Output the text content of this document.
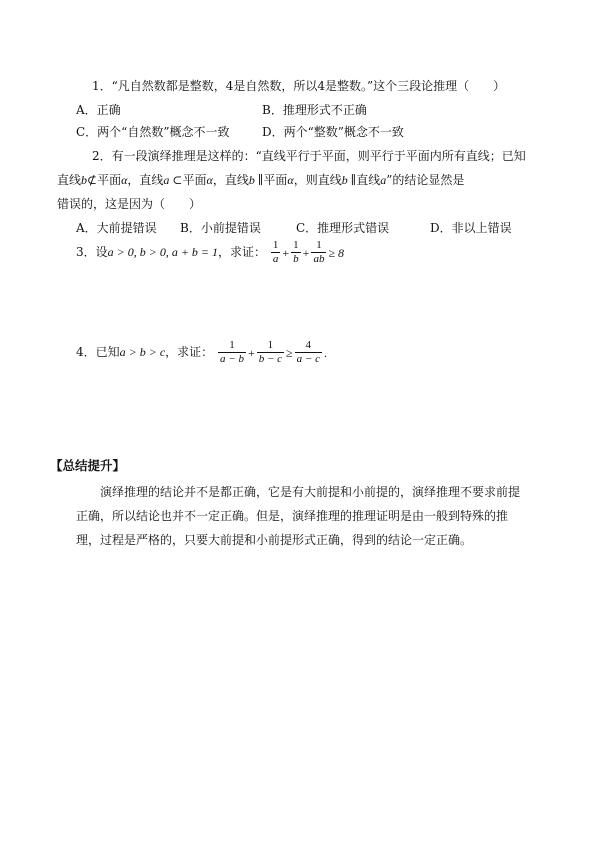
1．“凡自然数都是整数，4是自然数，所以4是整数。”这个三段论推理（　　）
A．正确	B．推理形式不正确
C．两个“自然数”概念不一致	D．两个“整数”概念不一致
2．有一段演绎推理是这样的：“直线平行于平面，则平行于平面内所有直线；已知
直线b⊄平面α，直线a ⊂平面α，直线b ∥平面α，则直线b ∥直线a”的结论显然是
错误的，这是因为（　　）
A．大前提错误 B．小前提错误	C．推理形式错误	D．非以上错误
3．设a > 0, b > 0, a + b = 1，求证： $\frac{1}{a} + \frac{1}{b} + \frac{1}{ab} \ge 8$
4．已知a > b > c，求证： $\frac{1}{a - b} + \frac{1}{b - c} \ge \frac{4}{a - c}$ .
【总结提升】
演绎推理的结论并不是都正确，它是有大前提和小前提的，演绎推理不要求前提正确，所以结论也并不一定正确。但是，演绎推理的推理证明是由一般到特殊的推理，过程是严格的，只要大前提和小前提形式正确，得到的结论一定正确。
